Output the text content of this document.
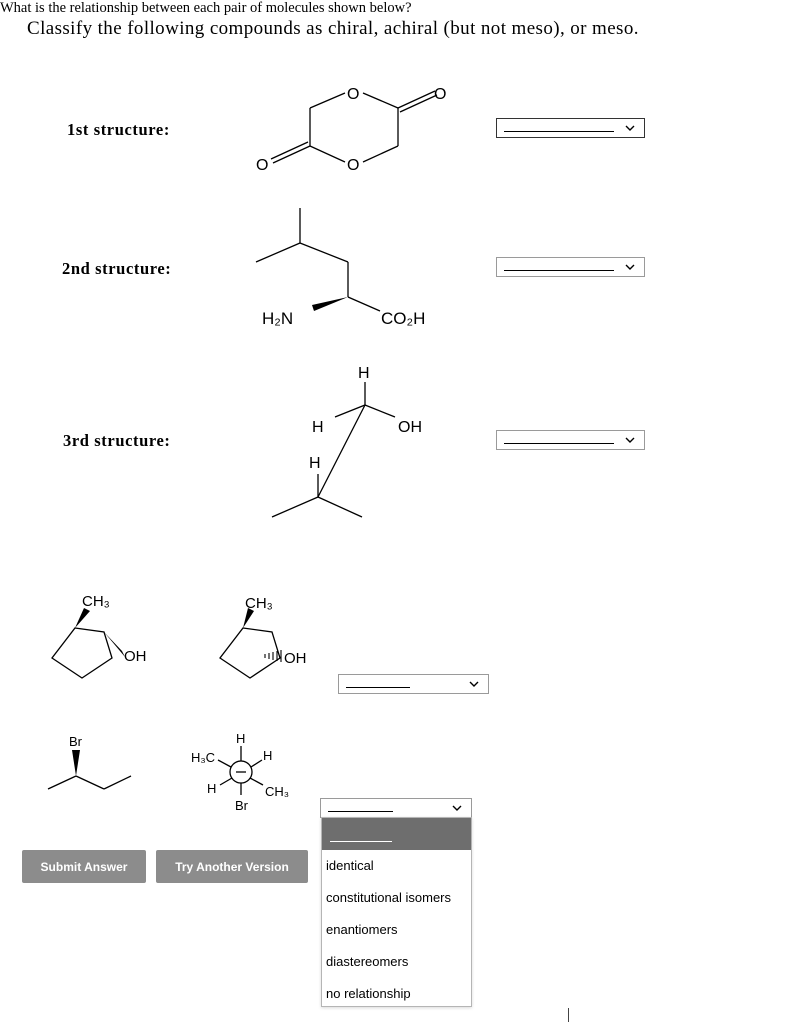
Classify the following compounds as chiral, achiral (but not meso), or meso.
1st structure:
2nd structure:
3rd structure:
O	O
O
O
H₂N	CO₂H
H
H	OH
H
What is the relationship between each pair of molecules shown below?
CH₃
OH
CH₃
OH
Br	H
H₃C	H
H	CH₃
Br
identical
constitutional isomers
enantiomers
diastereomers
no relationship
Submit Answer	Try Another Version
